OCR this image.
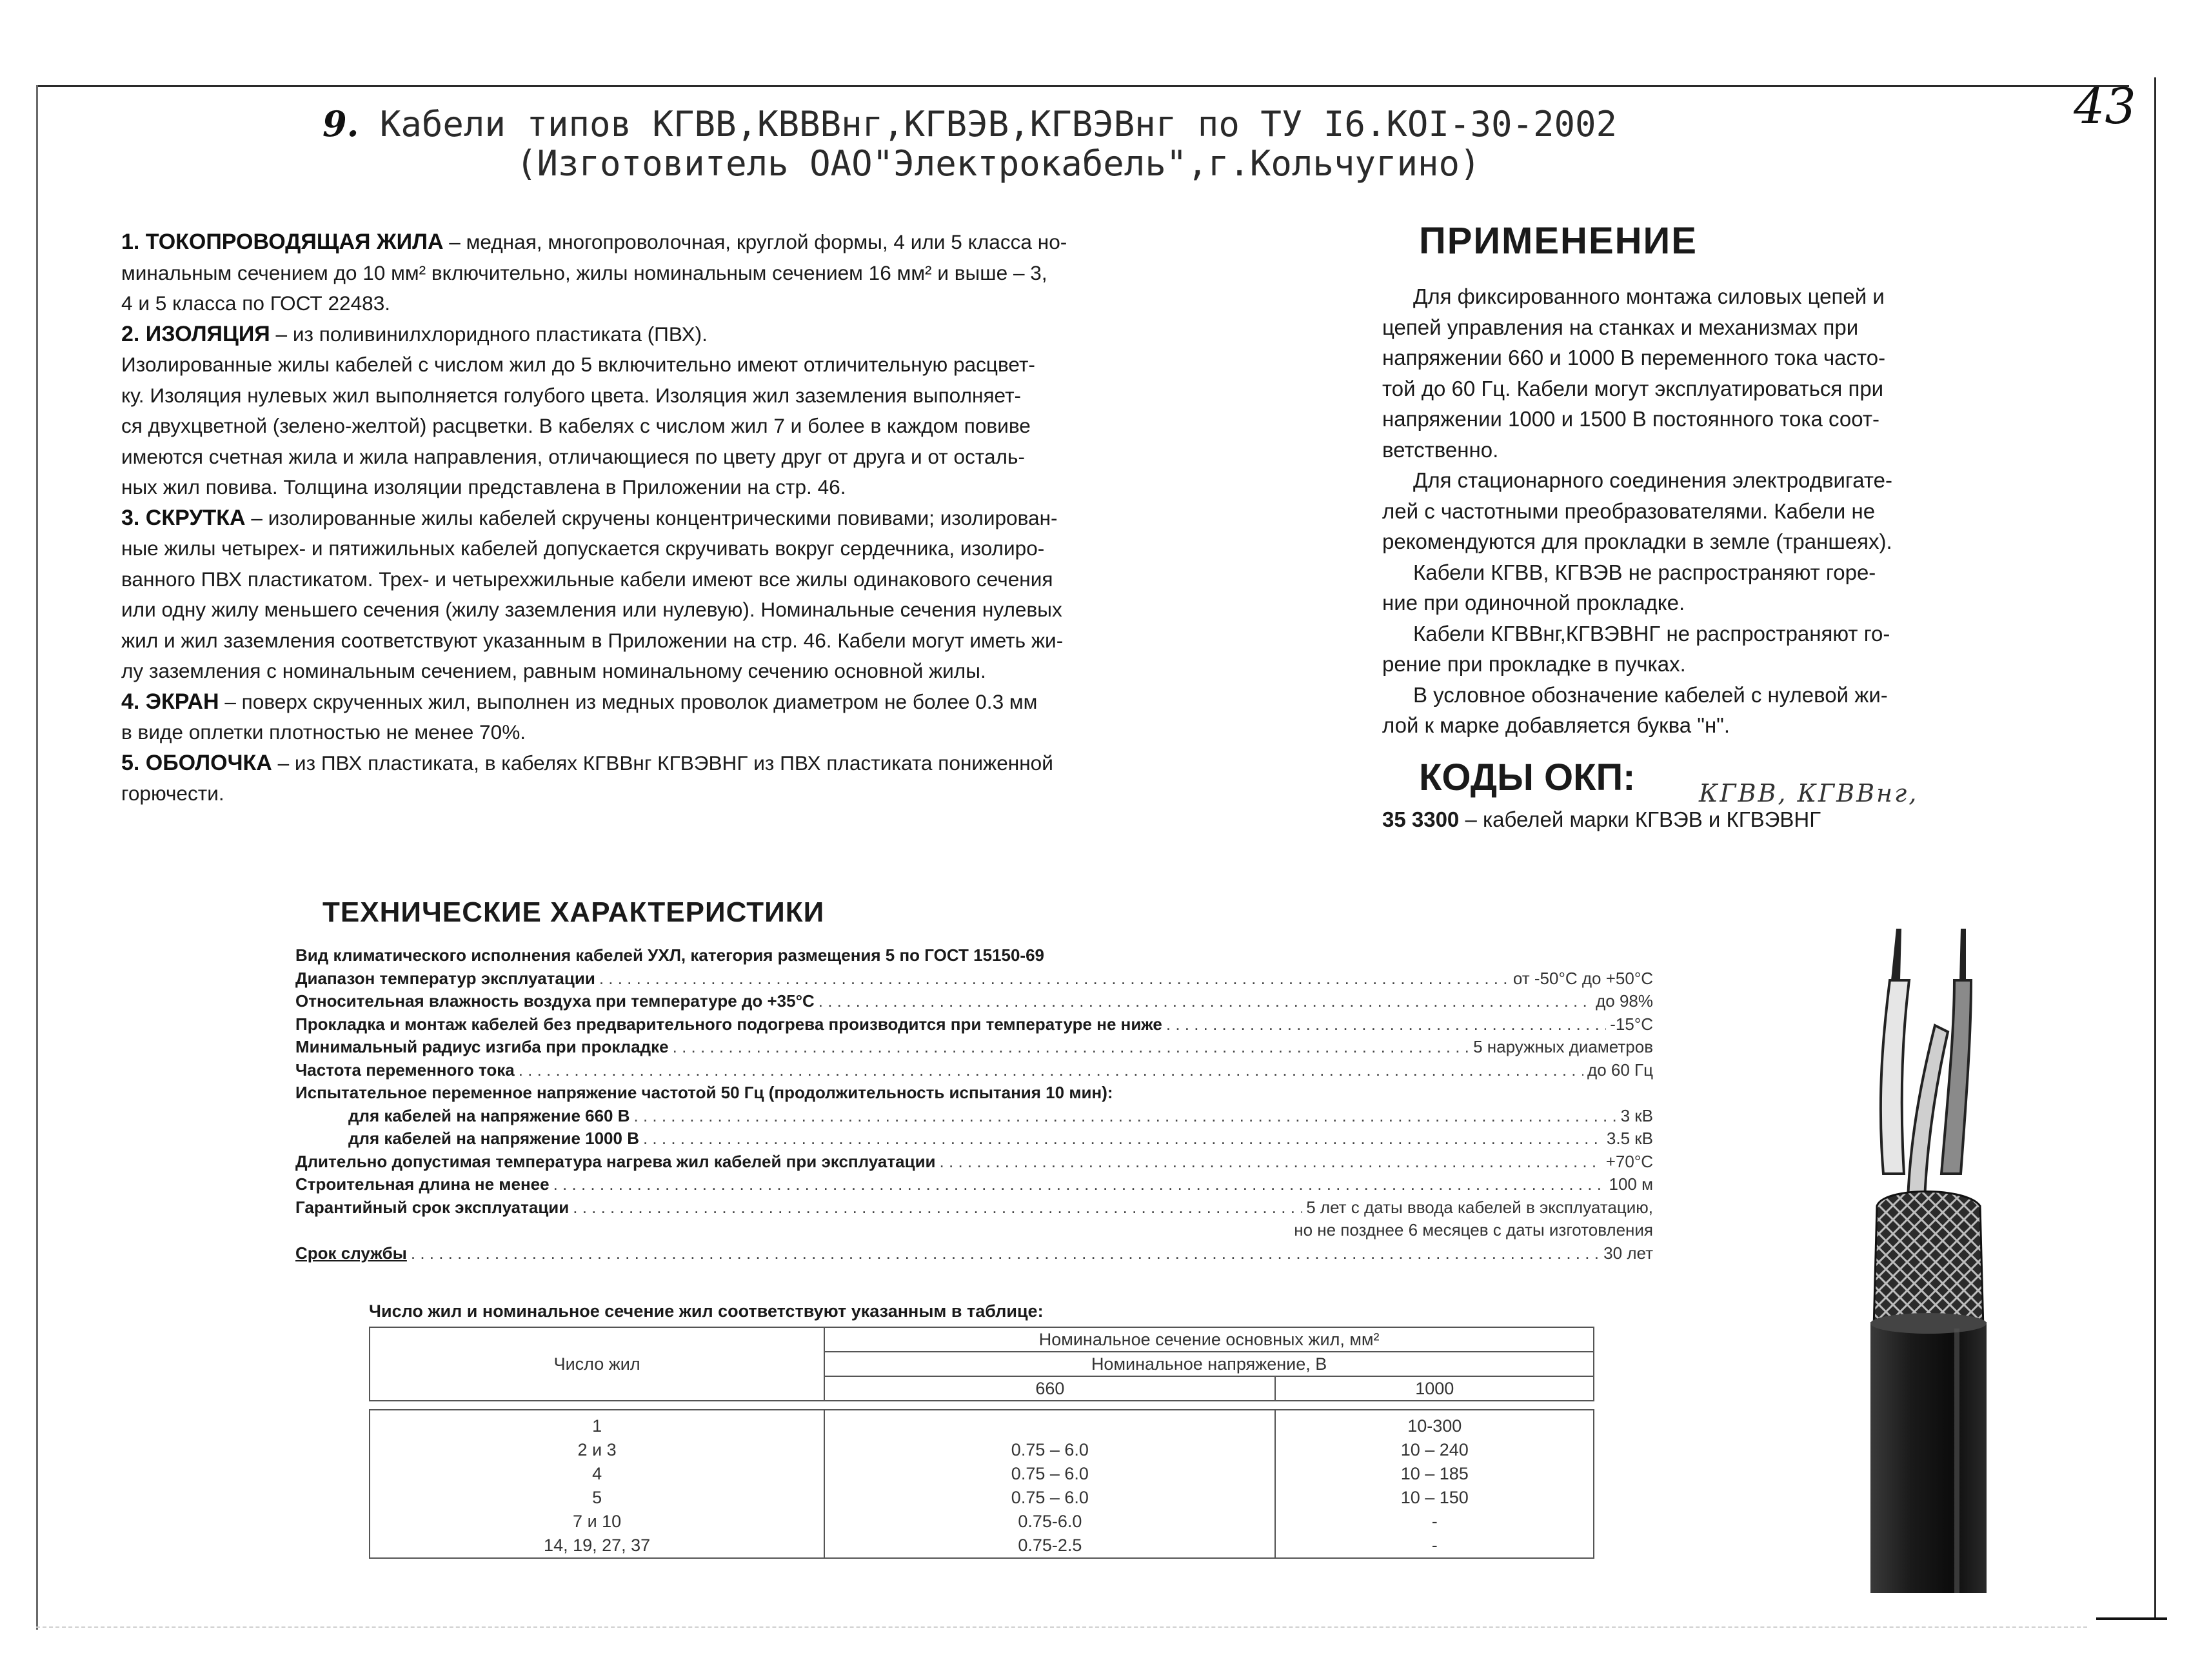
43
9. Кабели типов КГВВ,КВВВнг,КГВЭВ,КГВЭВнг по ТУ I6.КОI-30-2002
(Изготовитель ОАО"Электрокабель",г.Кольчугино)
1. ТОКОПРОВОДЯЩАЯ ЖИЛА – медная, многопроволочная, круглой формы, 4 или 5 класса но-
минальным сечением до 10 мм² включительно, жилы номинальным сечением 16 мм² и выше – 3,
4 и 5 класса по ГОСТ 22483.
2. ИЗОЛЯЦИЯ – из поливинилхлоридного пластиката (ПВХ).
Изолированные жилы кабелей с числом жил до 5 включительно имеют отличительную расцвет-
ку. Изоляция нулевых жил выполняется голубого цвета. Изоляция жил заземления выполняет-
ся двухцветной (зелено-желтой) расцветки. В кабелях с числом жил 7 и более в каждом повиве
имеются счетная жила и жила направления, отличающиеся по цвету друг от друга и от осталь-
ных жил повива. Толщина изоляции представлена в Приложении на стр. 46.
3. СКРУТКА – изолированные жилы кабелей скручены концентрическими повивами; изолирован-
ные жилы четырех- и пятижильных кабелей допускается скручивать вокруг сердечника, изолиро-
ванного ПВХ пластикатом. Трех- и четырехжильные кабели имеют все жилы одинакового сечения
или одну жилу меньшего сечения (жилу заземления или нулевую). Номинальные сечения нулевых
жил и жил заземления соответствуют указанным в Приложении на стр. 46. Кабели могут иметь жи-
лу заземления с номинальным сечением, равным номинальному сечению основной жилы.
4. ЭКРАН – поверх скрученных жил, выполнен из медных проволок диаметром не более 0.3 мм
в виде оплетки плотностью не менее 70%.
5. ОБОЛОЧКА – из ПВХ пластиката, в кабелях КГВВнг КГВЭВНГ из ПВХ пластиката пониженной
горючести.
ПРИМЕНЕНИЕ
Для фиксированного монтажа силовых цепей и
цепей управления на станках и механизмах при
напряжении 660 и 1000 В переменного тока часто-
той до 60 Гц. Кабели могут эксплуатироваться при
напряжении 1000 и 1500 В постоянного тока соот-
ветственно.
Для стационарного соединения электродвигате-
лей с частотными преобразователями. Кабели не
рекомендуются для прокладки в земле (траншеях).
Кабели КГВВ, КГВЭВ не распространяют горе-
ние при одиночной прокладке.
Кабели КГВВнг,КГВЭВНГ не распространяют го-
рение при прокладке в пучках.
В условное обозначение кабелей с нулевой жи-
лой к марке добавляется буква "н".
КОДЫ ОКП:	КГВВ, КГВВнг,
35 3300 – кабелей марки КГВЭВ и КГВЭВНГ
ТЕХНИЧЕСКИЕ ХАРАКТЕРИСТИКИ
Вид климатического исполнения кабелей УХЛ, категория размещения 5 по ГОСТ 15150-69
Диапазон температур эксплуатации . . .	от -50°С до +50°С
Относительная влажность воздуха при температуре до +35°С . . .	до 98%
Прокладка и монтаж кабелей без предварительного подогрева производится при температуре не ниже . . .	-15°С
Минимальный радиус изгиба при прокладке . . .	5 наружных диаметров
Частота переменного тока . . .	до 60 Гц
Испытательное переменное напряжение частотой 50 Гц (продолжительность испытания 10 мин):
для кабелей на напряжение 660 В . . .	3 кВ
для кабелей на напряжение 1000 В . . .	3.5 кВ
Длительно допустимая температура нагрева жил кабелей при эксплуатации . . .	+70°С
Строительная длина не менее . . .	100 м
Гарантийный срок эксплуатации . . .	5 лет с даты ввода кабелей в эксплуатацию,
но не позднее 6 месяцев с даты изготовления
Срок службы . . .	30 лет
Число жил и номинальное сечение жил соответствуют указанным в таблице:
Число жил	Номинальное сечение основных жил, мм²	
	Номинальное напряжение, В	
	660	1000

1		10-300
2 и 3	0.75 – 6.0	10 – 240
4	0.75 – 6.0	10 – 185
5	0.75 – 6.0	10 – 150
7 и 10	0.75-6.0	-
14, 19, 27, 37	0.75-2.5	-
